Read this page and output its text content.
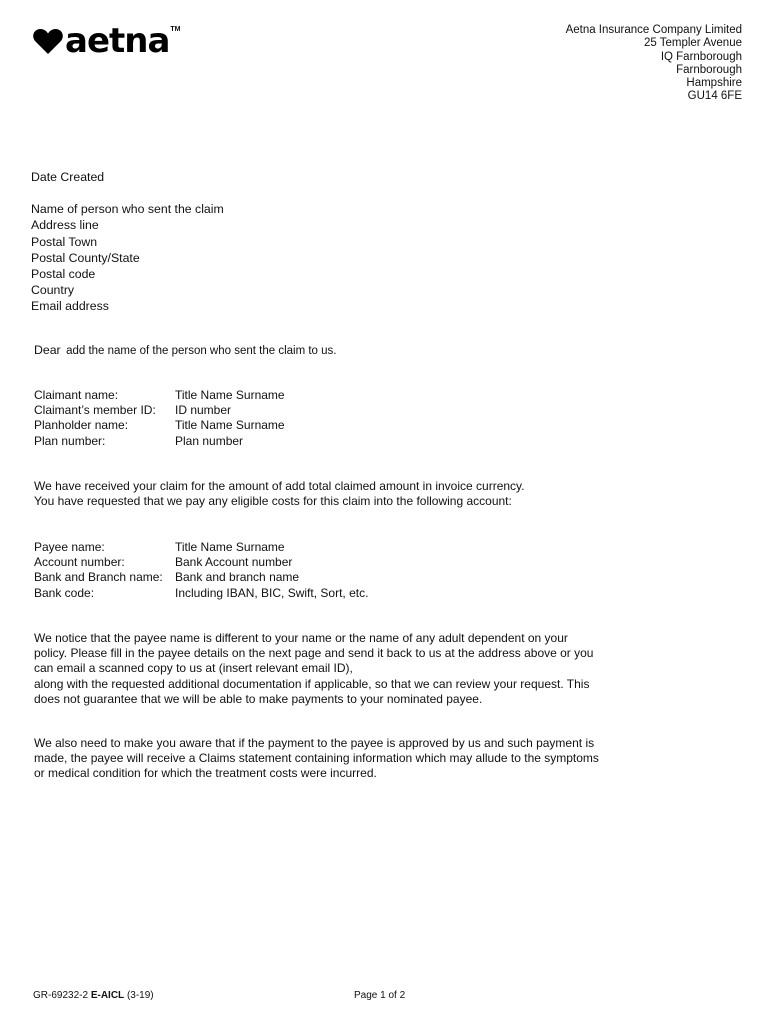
aetna TM	Aetna Insurance Company Limited
25 Templer Avenue
IQ Farnborough
Farnborough
Hampshire
GU14 6FE
Date Created
Name of person who sent the claim
Address line
Postal Town
Postal County/State
Postal code
Country
Email address
Dear add the name of the person who sent the claim to us.
Claimant name:	Title Name Surname
Claimant’s member ID:	ID number
Planholder name:	Title Name Surname
Plan number:	Plan number
We have received your claim for the amount of add total claimed amount in invoice currency.
You have requested that we pay any eligible costs for this claim into the following account:
Payee name:	Title Name Surname
Account number:	Bank Account number
Bank and Branch name:	Bank and branch name
Bank code:	Including IBAN, BIC, Swift, Sort, etc.
We notice that the payee name is different to your name or the name of any adult dependent on your
policy. Please fill in the payee details on the next page and send it back to us at the address above or you
can email a scanned copy to us at (insert relevant email ID),
along with the requested additional documentation if applicable, so that we can review your request. This
does not guarantee that we will be able to make payments to your nominated payee.
We also need to make you aware that if the payment to the payee is approved by us and such payment is
made, the payee will receive a Claims statement containing information which may allude to the symptoms
or medical condition for which the treatment costs were incurred.
GR-69232-2 E-AICL (3-19)	Page 1 of 2
